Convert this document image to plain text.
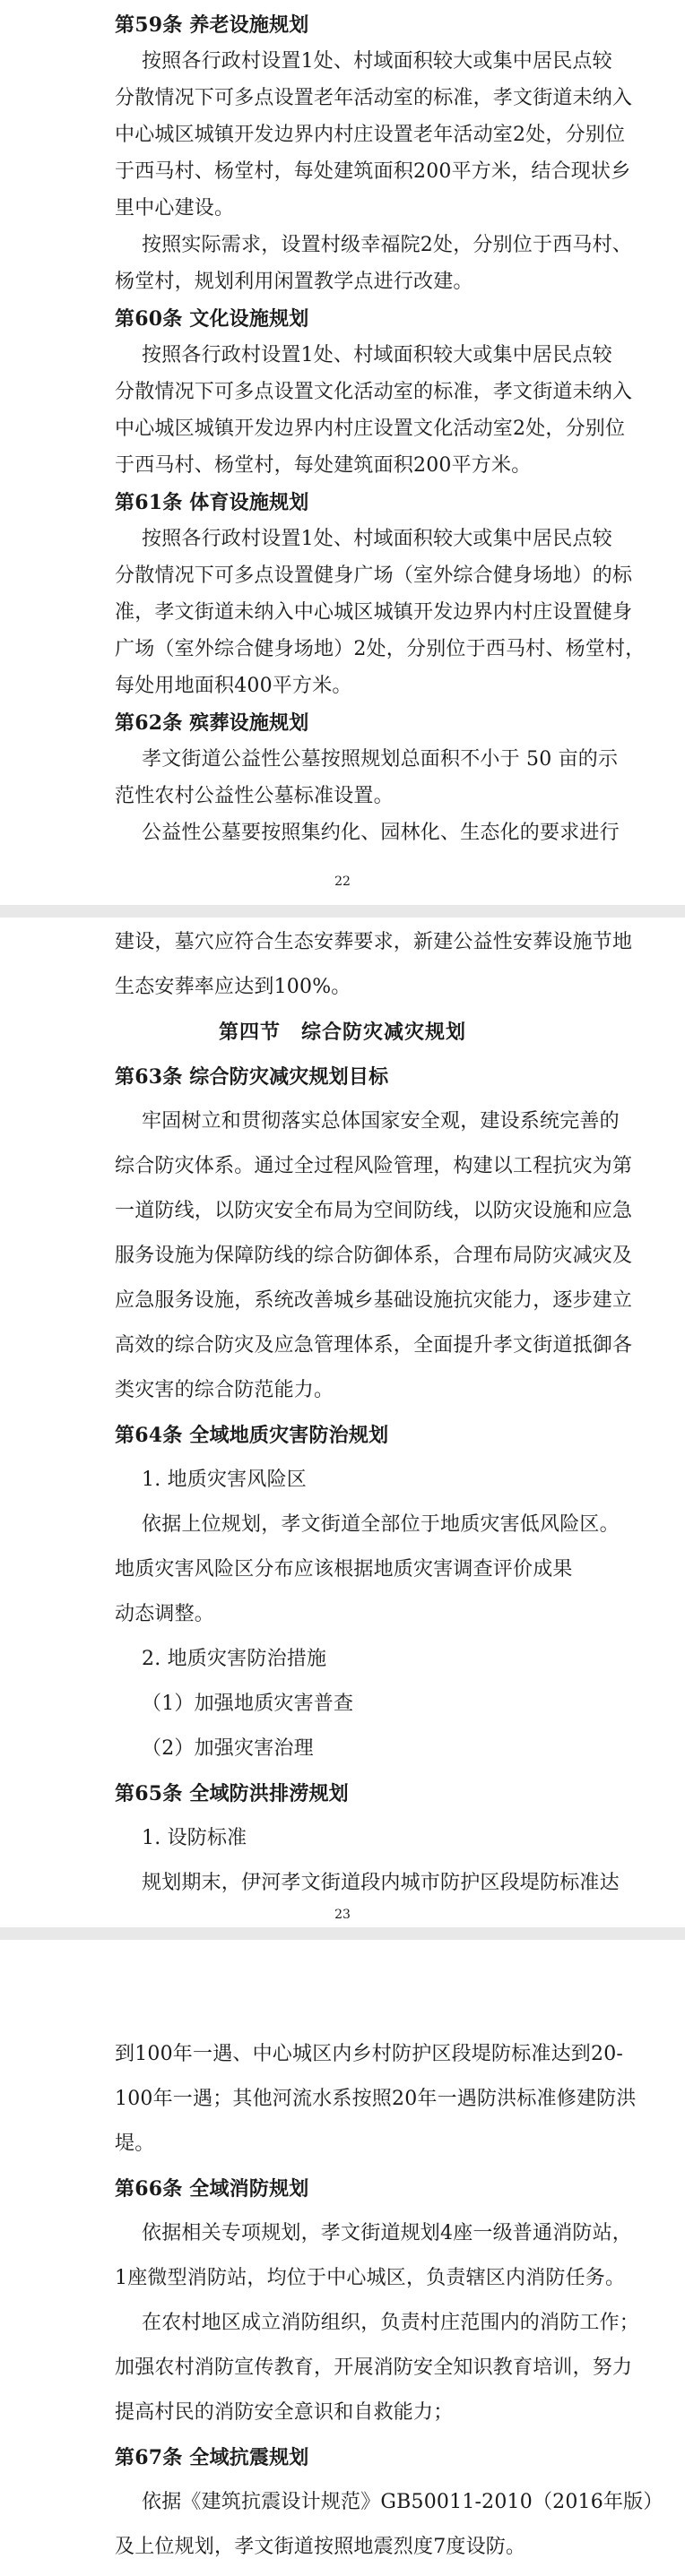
第59条 养老设施规划
按照各行政村设置1处、村域面积较大或集中居民点较
分散情况下可多点设置老年活动室的标准，孝文街道未纳入
中心城区城镇开发边界内村庄设置老年活动室2处，分别位
于西马村、杨堂村，每处建筑面积200平方米，结合现状乡
里中心建设。
按照实际需求，设置村级幸福院2处，分别位于西马村、
杨堂村，规划利用闲置教学点进行改建。
第60条 文化设施规划
按照各行政村设置1处、村域面积较大或集中居民点较
分散情况下可多点设置文化活动室的标准，孝文街道未纳入
中心城区城镇开发边界内村庄设置文化活动室2处，分别位
于西马村、杨堂村，每处建筑面积200平方米。
第61条 体育设施规划
按照各行政村设置1处、村域面积较大或集中居民点较
分散情况下可多点设置健身广场（室外综合健身场地）的标
准，孝文街道未纳入中心城区城镇开发边界内村庄设置健身
广场（室外综合健身场地）2处，分别位于西马村、杨堂村，
每处用地面积400平方米。
第62条 殡葬设施规划
孝文街道公益性公墓按照规划总面积不小于 50 亩的示
范性农村公益性公墓标准设置。
公益性公墓要按照集约化、园林化、生态化的要求进行
22
建设，墓穴应符合生态安葬要求，新建公益性安葬设施节地
生态安葬率应达到100%。
第四节　综合防灾减灾规划
第63条 综合防灾减灾规划目标
牢固树立和贯彻落实总体国家安全观，建设系统完善的
综合防灾体系。通过全过程风险管理，构建以工程抗灾为第
一道防线，以防灾安全布局为空间防线，以防灾设施和应急
服务设施为保障防线的综合防御体系，合理布局防灾减灾及
应急服务设施，系统改善城乡基础设施抗灾能力，逐步建立
高效的综合防灾及应急管理体系，全面提升孝文街道抵御各
类灾害的综合防范能力。
第64条 全域地质灾害防治规划
1. 地质灾害风险区
依据上位规划，孝文街道全部位于地质灾害低风险区。
地质灾害风险区分布应该根据地质灾害调查评价成果
动态调整。
2. 地质灾害防治措施
（1）加强地质灾害普查
（2）加强灾害治理
第65条 全域防洪排涝规划
1. 设防标准
规划期末，伊河孝文街道段内城市防护区段堤防标准达
23
到100年一遇、中心城区内乡村防护区段堤防标准达到20-
100年一遇；其他河流水系按照20年一遇防洪标准修建防洪
堤。
第66条 全域消防规划
依据相关专项规划，孝文街道规划4座一级普通消防站，
1座微型消防站，均位于中心城区，负责辖区内消防任务。
在农村地区成立消防组织，负责村庄范围内的消防工作；
加强农村消防宣传教育，开展消防安全知识教育培训，努力
提高村民的消防安全意识和自救能力；
第67条 全域抗震规划
依据《建筑抗震设计规范》GB50011-2010（2016年版）
及上位规划，孝文街道按照地震烈度7度设防。
